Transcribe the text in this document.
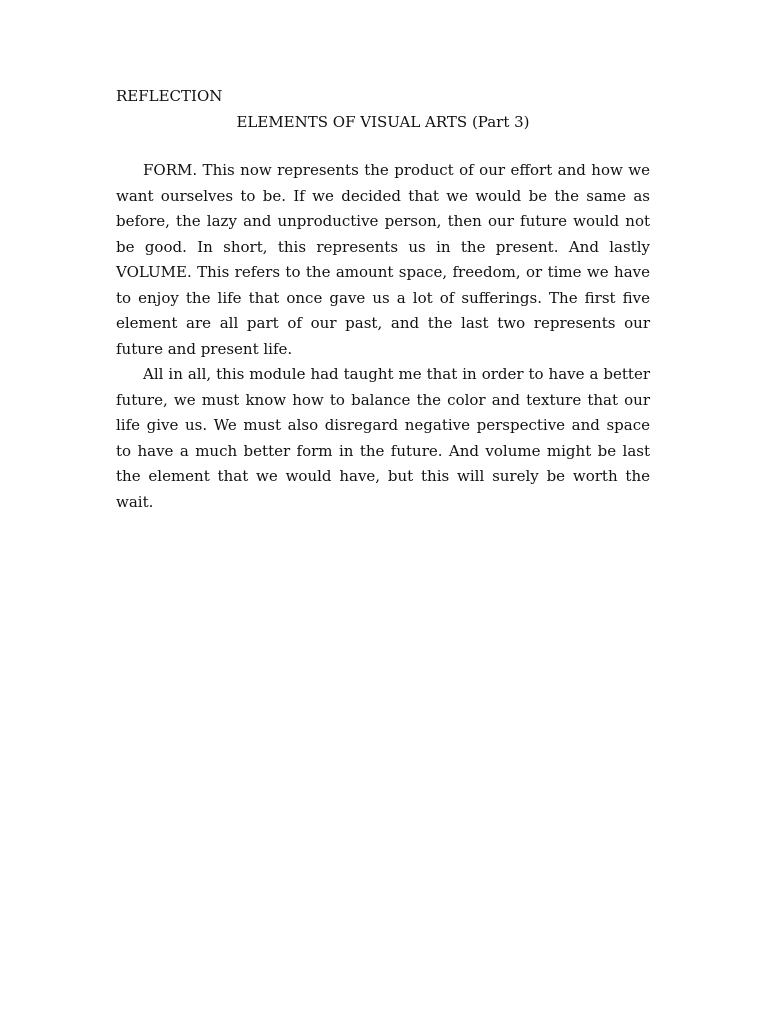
REFLECTION

ELEMENTS OF VISUAL ARTS (Part 3)

FORM. This now represents the product of our effort and how we want ourselves to be. If we decided that we would be the same as before, the lazy and unproductive person, then our future would not be good. In short, this represents us in the present. And lastly VOLUME. This refers to the amount space, freedom, or time we have to enjoy the life that once gave us a lot of sufferings. The first five element are all part of our past, and the last two represents our future and present life.

All in all, this module had taught me that in order to have a better future, we must know how to balance the color and texture that our life give us. We must also disregard negative perspective and space to have a much better form in the future. And volume might be last the element that we would have, but this will surely be worth the wait.
